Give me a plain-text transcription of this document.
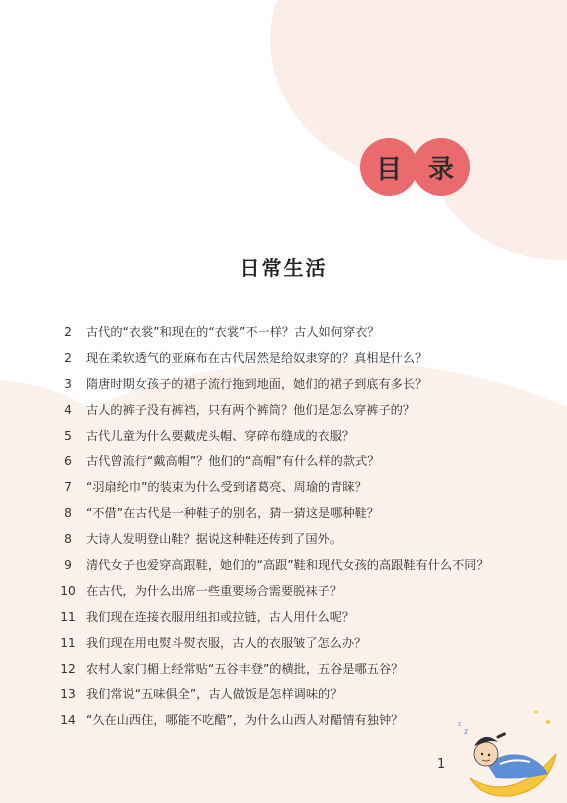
目 录
日常生活
2	古代的“衣裳”和现在的“衣裳”不一样？古人如何穿衣？
2	现在柔软透气的亚麻布在古代居然是给奴隶穿的？真相是什么？
3	隋唐时期女孩子的裙子流行拖到地面，她们的裙子到底有多长？
4	古人的裤子没有裤裆，只有两个裤筒？他们是怎么穿裤子的？
5	古代儿童为什么要戴虎头帽、穿碎布缝成的衣服？
6	古代曾流行“戴高帽”？他们的“高帽”有什么样的款式？
7	“羽扇纶巾”的装束为什么受到诸葛亮、周瑜的青睐？
8	“不借”在古代是一种鞋子的别名，猜一猜这是哪种鞋？
8	大诗人发明登山鞋？据说这种鞋还传到了国外。
9	清代女子也爱穿高跟鞋，她们的“高跟”鞋和现代女孩的高跟鞋有什么不同？
10 在古代，为什么出席一些重要场合需要脱袜子？
11 我们现在连接衣服用纽扣或拉链，古人用什么呢？
11 我们现在用电熨斗熨衣服，古人的衣服皱了怎么办？
12 农村人家门楣上经常贴“五谷丰登”的横批，五谷是哪五谷？
13 我们常说“五味俱全”，古人做饭是怎样调味的？
14 “久在山西住，哪能不吃醋”，为什么山西人对醋情有独钟？
1
z
z
